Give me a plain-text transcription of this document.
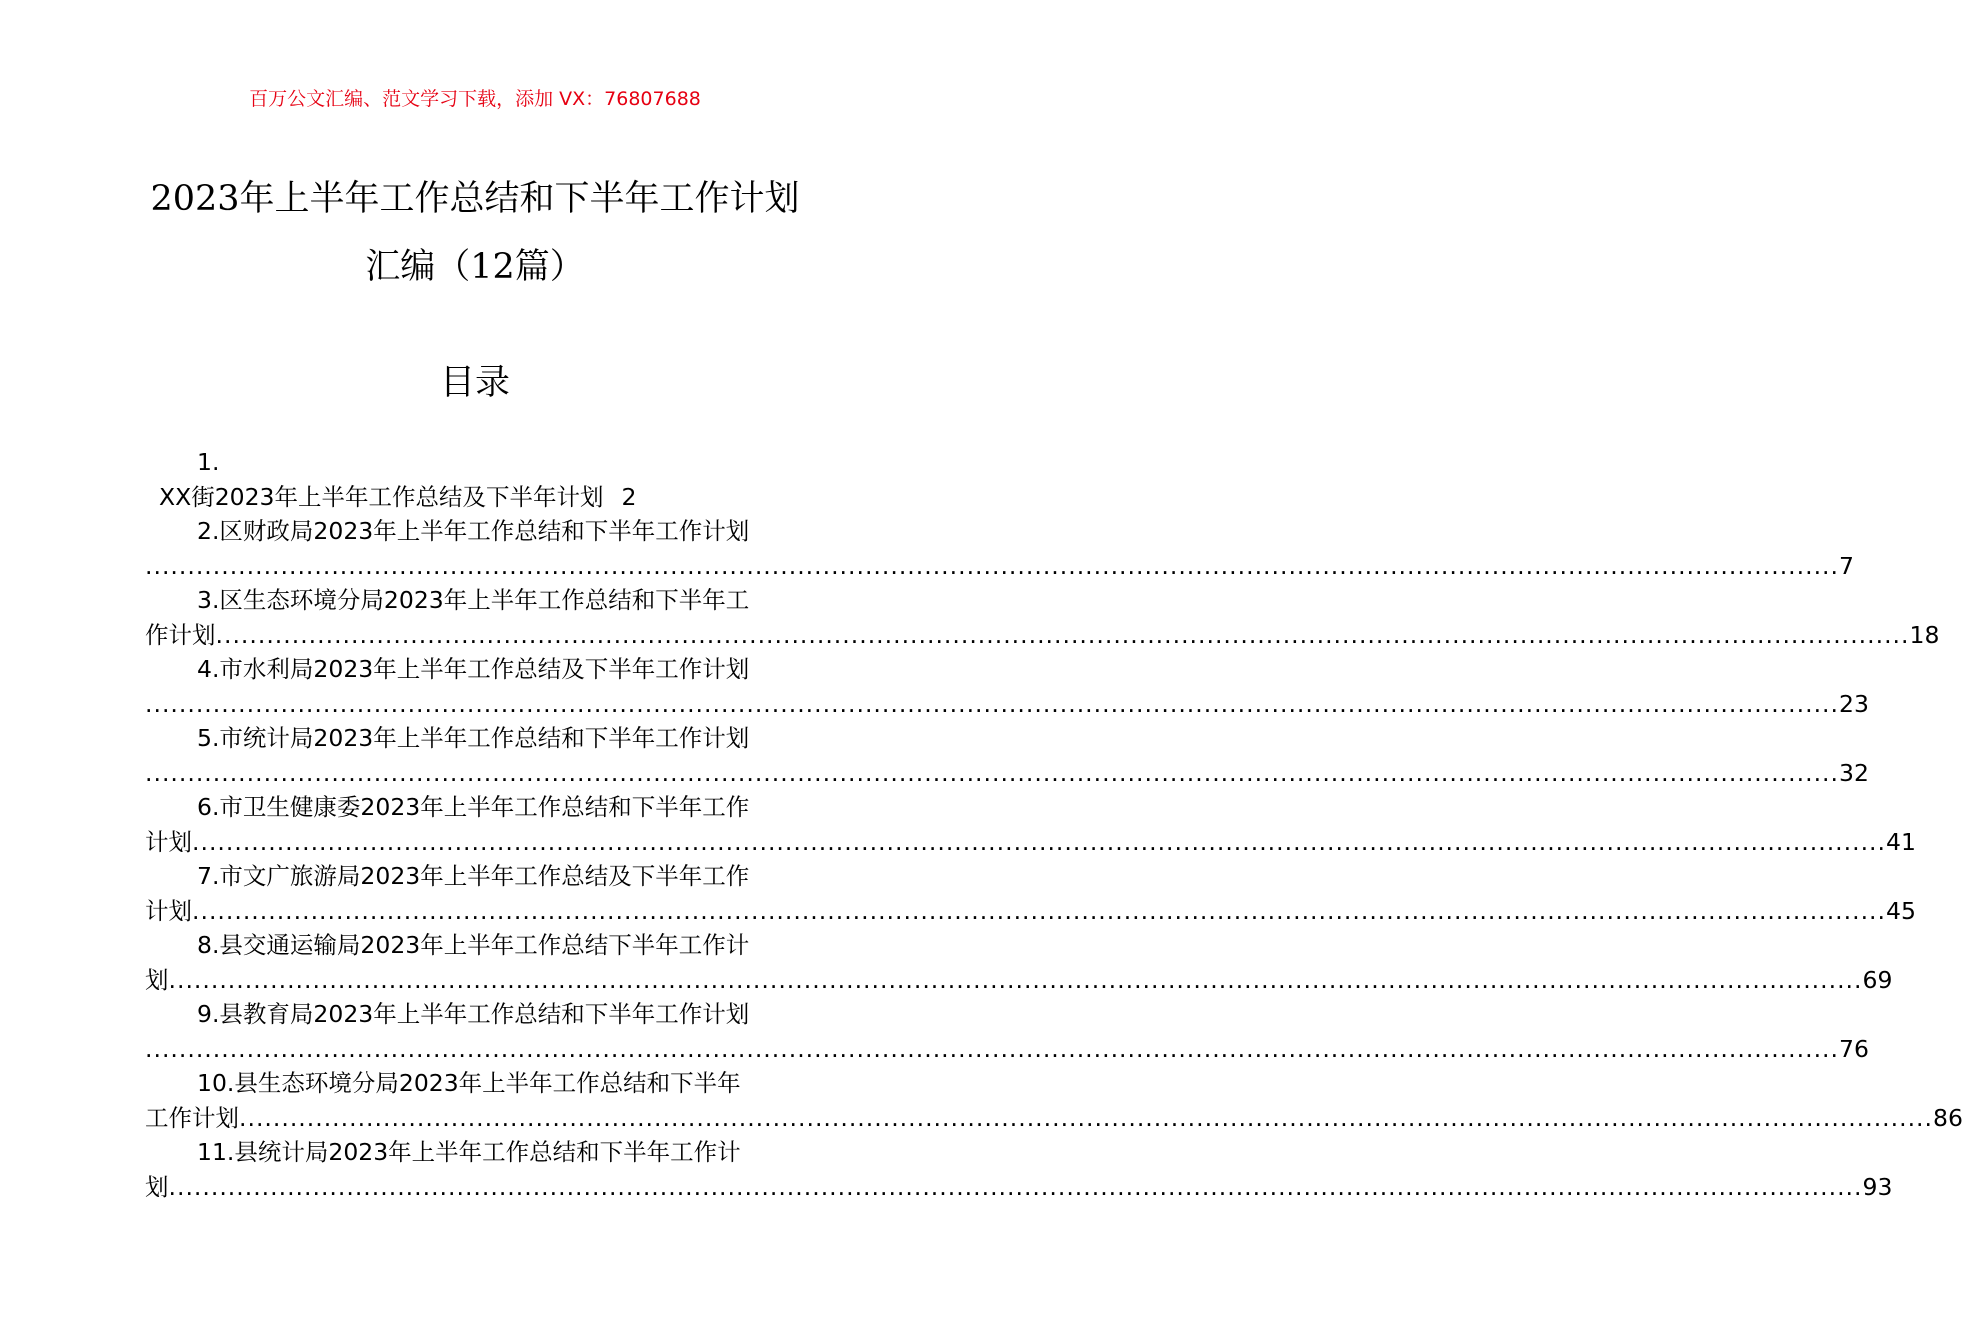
百万公文汇编、范文学习下载，添加 VX：76807688
2023年上半年工作总结和下半年工作计划
汇编（12篇）
目录
1.
XX街2023年上半年工作总结及下半年计划 2
2.区财政局2023年上半年工作总结和下半年工作计划
........................................................................................................................................................................................................ 7
3.区生态环境分局2023年上半年工作总结和下半年工
作计划 ........................................................................................................................................................................................................ 18
4.市水利局2023年上半年工作总结及下半年工作计划
........................................................................................................................................................................................................ 23
5.市统计局2023年上半年工作总结和下半年工作计划
........................................................................................................................................................................................................ 32
6.市卫生健康委2023年上半年工作总结和下半年工作
计划 ........................................................................................................................................................................................................ 41
7.市文广旅游局2023年上半年工作总结及下半年工作
计划 ........................................................................................................................................................................................................ 45
8.县交通运输局2023年上半年工作总结下半年工作计
划 ........................................................................................................................................................................................................ 69
9.县教育局2023年上半年工作总结和下半年工作计划
........................................................................................................................................................................................................ 76
10.县生态环境分局2023年上半年工作总结和下半年
工作计划 ........................................................................................................................................................................................................ 86
11.县统计局2023年上半年工作总结和下半年工作计
划 ........................................................................................................................................................................................................ 93
